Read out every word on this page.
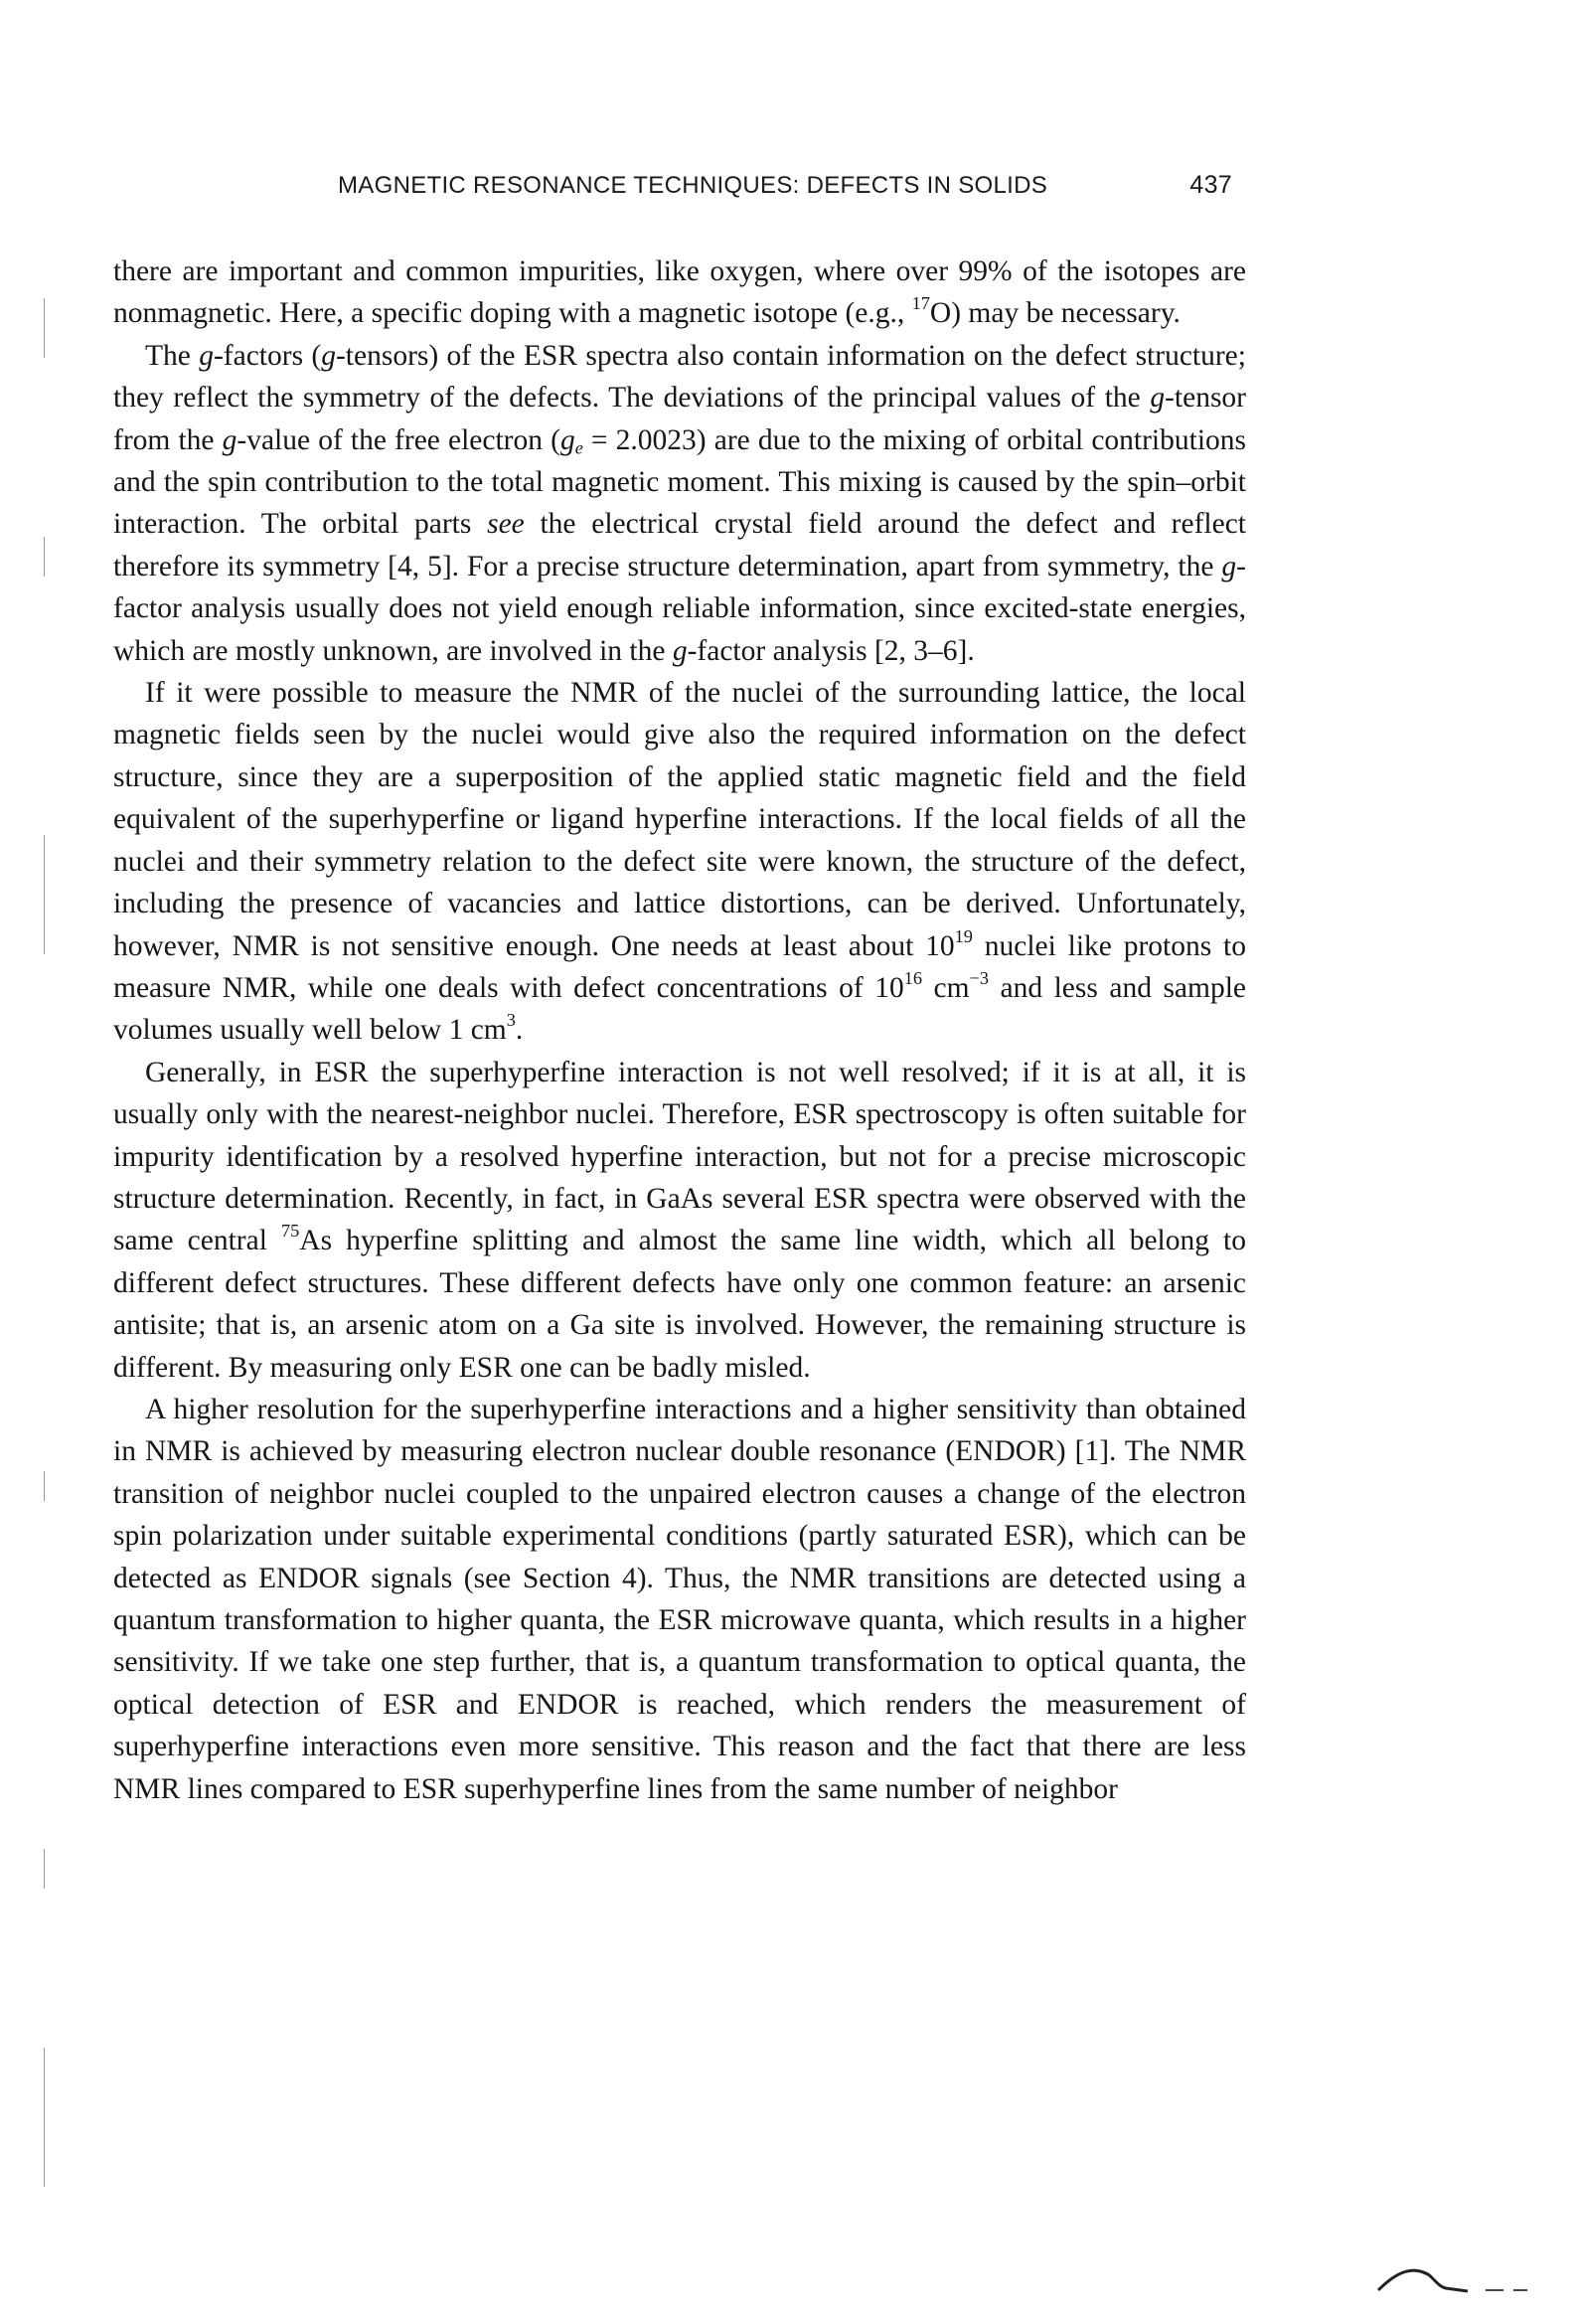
MAGNETIC RESONANCE TECHNIQUES: DEFECTS IN SOLIDS	437

there are important and common impurities, like oxygen, where over 99% of the isotopes are nonmagnetic. Here, a specific doping with a magnetic isotope (e.g., $^{17}$O) may be necessary.

The g-factors (g-tensors) of the ESR spectra also contain information on the defect structure; they reflect the symmetry of the defects. The deviations of the principal values of the g-tensor from the g-value of the free electron $(g_e = 2.0023)$ are due to the mixing of orbital contributions and the spin contribution to the total magnetic moment. This mixing is caused by the spin–orbit interaction. The orbital parts see the electrical crystal field around the defect and reflect therefore its symmetry [4, 5]. For a precise structure determination, apart from symmetry, the g-factor analysis usually does not yield enough reliable information, since excited-state energies, which are mostly unknown, are involved in the g-factor analysis [2, 3–6].

If it were possible to measure the NMR of the nuclei of the surrounding lattice, the local magnetic fields seen by the nuclei would give also the required information on the defect structure, since they are a superposition of the applied static magnetic field and the field equivalent of the superhyperfine or ligand hyperfine interactions. If the local fields of all the nuclei and their symmetry relation to the defect site were known, the structure of the defect, including the presence of vacancies and lattice distortions, can be derived. Unfortunately, however, NMR is not sensitive enough. One needs at least about $10^{19}$ nuclei like protons to measure NMR, while one deals with defect concentrations of $10^{16}$ $cm^{-3}$ and less and sample volumes usually well below 1 $cm^3$.

Generally, in ESR the superhyperfine interaction is not well resolved; if it is at all, it is usually only with the nearest-neighbor nuclei. Therefore, ESR spectroscopy is often suitable for impurity identification by a resolved hyperfine interaction, but not for a precise microscopic structure determination. Recently, in fact, in GaAs several ESR spectra were observed with the same central $^{75}$As hyperfine splitting and almost the same line width, which all belong to different defect structures. These different defects have only one common feature: an arsenic antisite; that is, an arsenic atom on a Ga site is involved. However, the remaining structure is different. By measuring only ESR one can be badly misled.

A higher resolution for the superhyperfine interactions and a higher sensitivity than obtained in NMR is achieved by measuring electron nuclear double resonance (ENDOR) [1]. The NMR transition of neighbor nuclei coupled to the unpaired electron causes a change of the electron spin polarization under suitable experimental conditions (partly saturated ESR), which can be detected as ENDOR signals (see Section 4). Thus, the NMR transitions are detected using a quantum transformation to higher quanta, the ESR microwave quanta, which results in a higher sensitivity. If we take one step further, that is, a quantum transformation to optical quanta, the optical detection of ESR and ENDOR is reached, which renders the measurement of superhyperfine interactions even more sensitive. This reason and the fact that there are less NMR lines compared to ESR superhyperfine lines from the same number of neighbor
